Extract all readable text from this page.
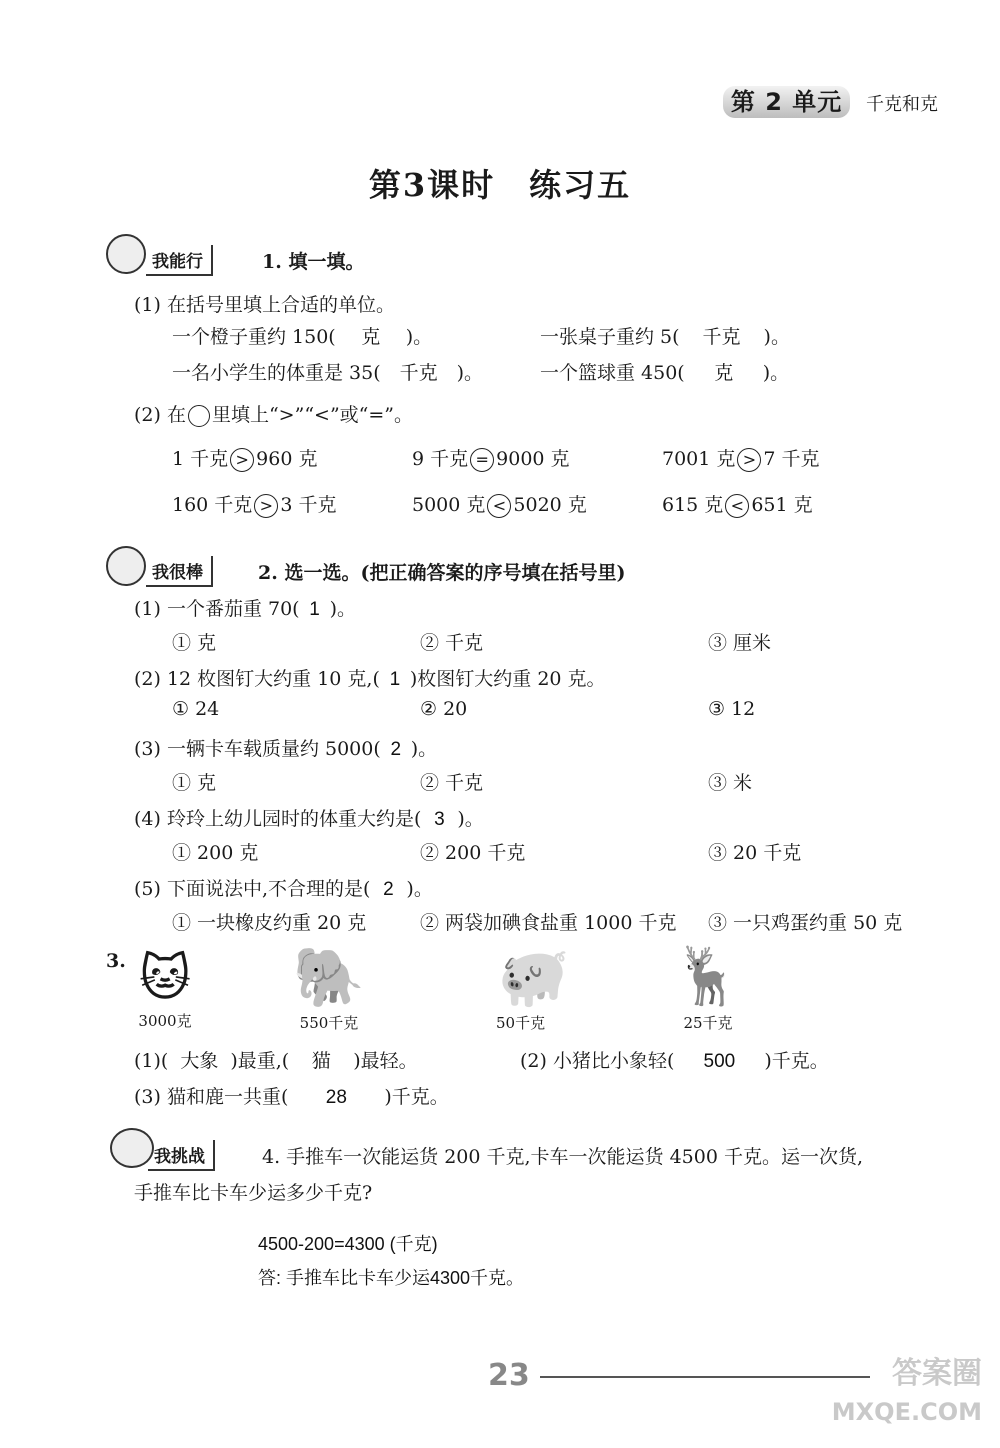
第 2 单元 千克和克
第3课时　练习五
我能行	1. 填一填。
(1) 在括号里填上合适的单位。
一个橙子重约 150( 克 )。	一张桌子重约 5( 千克 )。
一名小学生的体重是 35( 千克 )。	一个篮球重 450( 克 )。
(2) 在 里填上“>”“<”或“=”。
1 千克 > 960 克	9 千克 = 9000 克	7001 克 > 7 千克
160 千克 > 3 千克	5000 克 < 5020 克	615 克 < 651 克
我很棒	2. 选一选。(把正确答案的序号填在括号里)
(1) 一个番茄重 70( 1 )。
① 克	② 千克	③ 厘米
(2) 12 枚图钉大约重 10 克,( 1 )枚图钉大约重 20 克。
① 24	② 20	③ 12
(3) 一辆卡车载质量约 5000( 2 )。
① 克	② 千克	③ 米
(4) 玲玲上幼儿园时的体重大约是( 3 )。
① 200 克	② 200 千克	③ 20 千克
(5) 下面说法中,不合理的是( 2 )。
① 一块橡皮约重 20 克	② 两袋加碘食盐重 1000 千克 ③ 一只鸡蛋约重 50 克
3. 🐱
3000克
🐘
550千克
🐖
50千克
🦌
25千克
(1)( 大象 )最重,( 猫 )最轻。	(2) 小猪比小象轻( 500 )千克。
(3) 猫和鹿一共重( 28 )千克。
我挑战	4. 手推车一次能运货 200 千克,卡车一次能运货 4500 千克。运一次货,
手推车比卡车少运多少千克?
4500-200=4300 (千克)
答: 手推车比卡车少运4300千克。
23	答案圈
MXQE.COM
